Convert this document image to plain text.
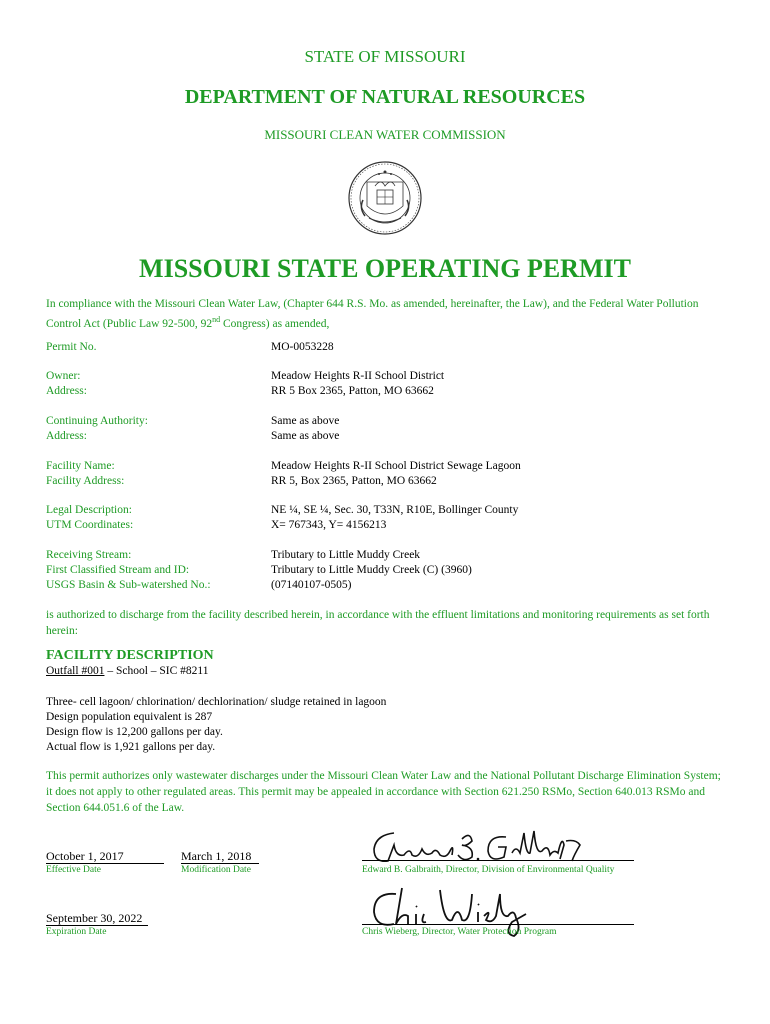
STATE OF MISSOURI
DEPARTMENT OF NATURAL RESOURCES
MISSOURI CLEAN WATER COMMISSION
MISSOURI STATE OPERATING PERMIT
In compliance with the Missouri Clean Water Law, (Chapter 644 R.S. Mo. as amended, hereinafter, the Law), and the Federal Water Pollution Control Act (Public Law 92-500, 92nd Congress) as amended,
Permit No.	MO-0053228
Owner:	Meadow Heights R-II School District
Address:	RR 5 Box 2365, Patton, MO 63662
Continuing Authority:	Same as above
Address:	Same as above
Facility Name:	Meadow Heights R-II School District Sewage Lagoon
Facility Address:	RR 5, Box 2365, Patton, MO 63662
Legal Description:	NE ¼, SE ¼, Sec. 30, T33N, R10E, Bollinger County
UTM Coordinates:	X= 767343, Y= 4156213
Receiving Stream:	Tributary to Little Muddy Creek
First Classified Stream and ID:	Tributary to Little Muddy Creek (C) (3960)
USGS Basin & Sub-watershed No.:	(07140107-0505)
is authorized to discharge from the facility described herein, in accordance with the effluent limitations and monitoring requirements as set forth herein:
FACILITY DESCRIPTION
Outfall #001 – School – SIC #8211
Three- cell lagoon/ chlorination/ dechlorination/ sludge retained in lagoon
Design population equivalent is 287
Design flow is 12,200 gallons per day.
Actual flow is 1,921 gallons per day.
This permit authorizes only wastewater discharges under the Missouri Clean Water Law and the National Pollutant Discharge Elimination System; it does not apply to other regulated areas. This permit may be appealed in accordance with Section 621.250 RSMo, Section 640.013 RSMo and Section 644.051.6 of the Law.
October 1, 2017
Effective Date
March 1, 2018
Modification Date
September 30, 2022
Expiration Date
Edward B. Galbraith, Director, Division of Environmental Quality
Chris Wieberg, Director, Water Protection Program
